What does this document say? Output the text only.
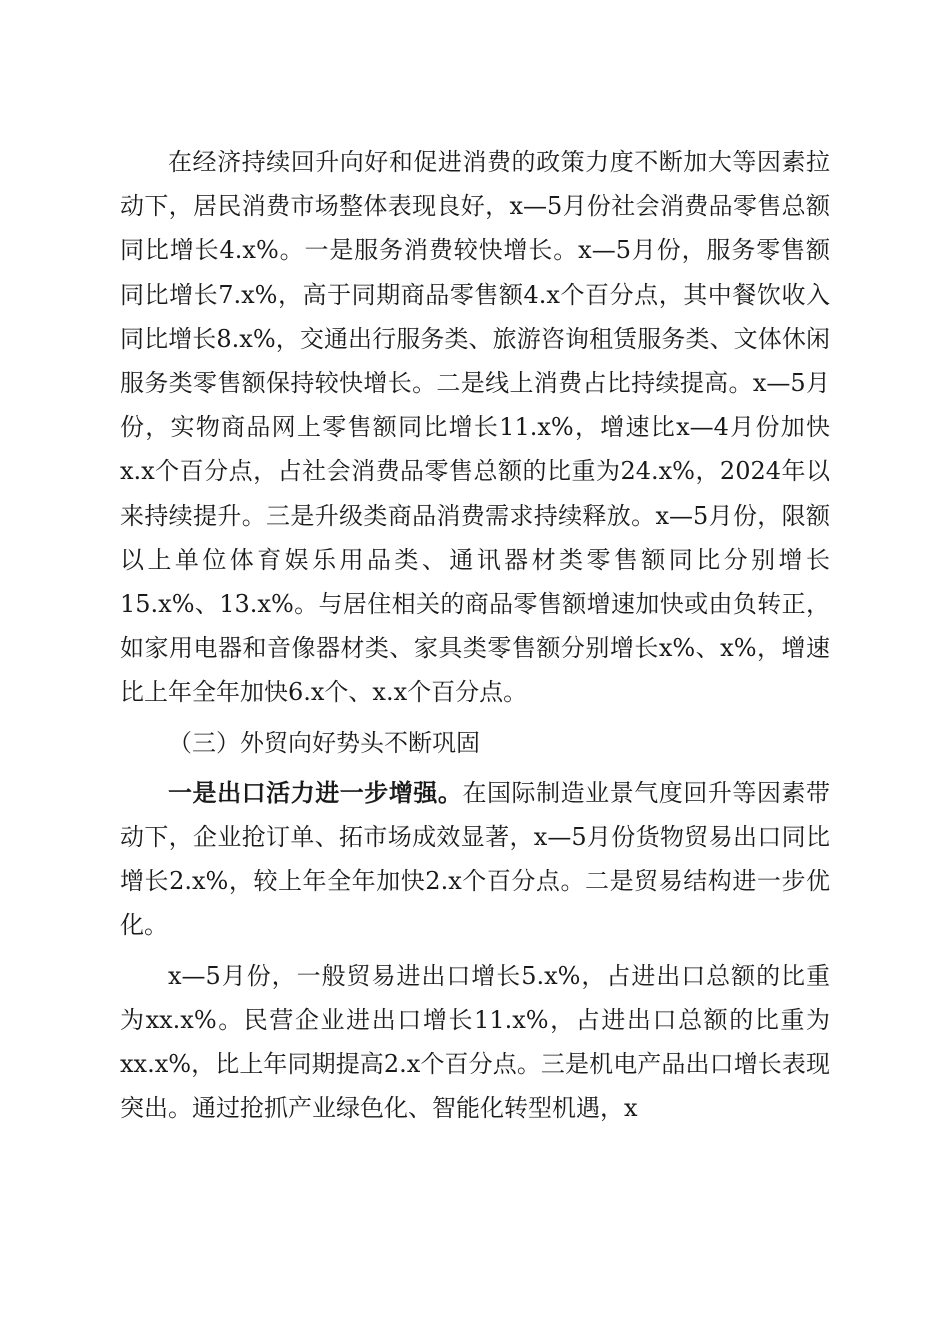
在经济持续回升向好和促进消费的政策力度不断加大等因素拉动下，居民消费市场整体表现良好，x—5月份社会消费品零售总额同比增长4.x%。一是服务消费较快增长。x—5月份，服务零售额同比增长7.x%，高于同期商品零售额4.x个百分点，其中餐饮收入同比增长8.x%，交通出行服务类、旅游咨询租赁服务类、文体休闲服务类零售额保持较快增长。二是线上消费占比持续提高。x—5月份，实物商品网上零售额同比增长11.x%，增速比x—4月份加快x.x个百分点，占社会消费品零售总额的比重为24.x%，2024年以来持续提升。三是升级类商品消费需求持续释放。x—5月份，限额以上单位体育娱乐用品类、通讯器材类零售额同比分别增长15.x%、13.x%。与居住相关的商品零售额增速加快或由负转正，如家用电器和音像器材类、家具类零售额分别增长x%、x%，增速比上年全年加快6.x个、x.x个百分点。

（三）外贸向好势头不断巩固

一是出口活力进一步增强。在国际制造业景气度回升等因素带动下，企业抢订单、拓市场成效显著，x—5月份货物贸易出口同比增长2.x%，较上年全年加快2.x个百分点。二是贸易结构进一步优化。

x—5月份，一般贸易进出口增长5.x%，占进出口总额的比重为xx.x%。民营企业进出口增长11.x%，占进出口总额的比重为xx.x%，比上年同期提高2.x个百分点。三是机电产品出口增长表现突出。通过抢抓产业绿色化、智能化转型机遇，x
